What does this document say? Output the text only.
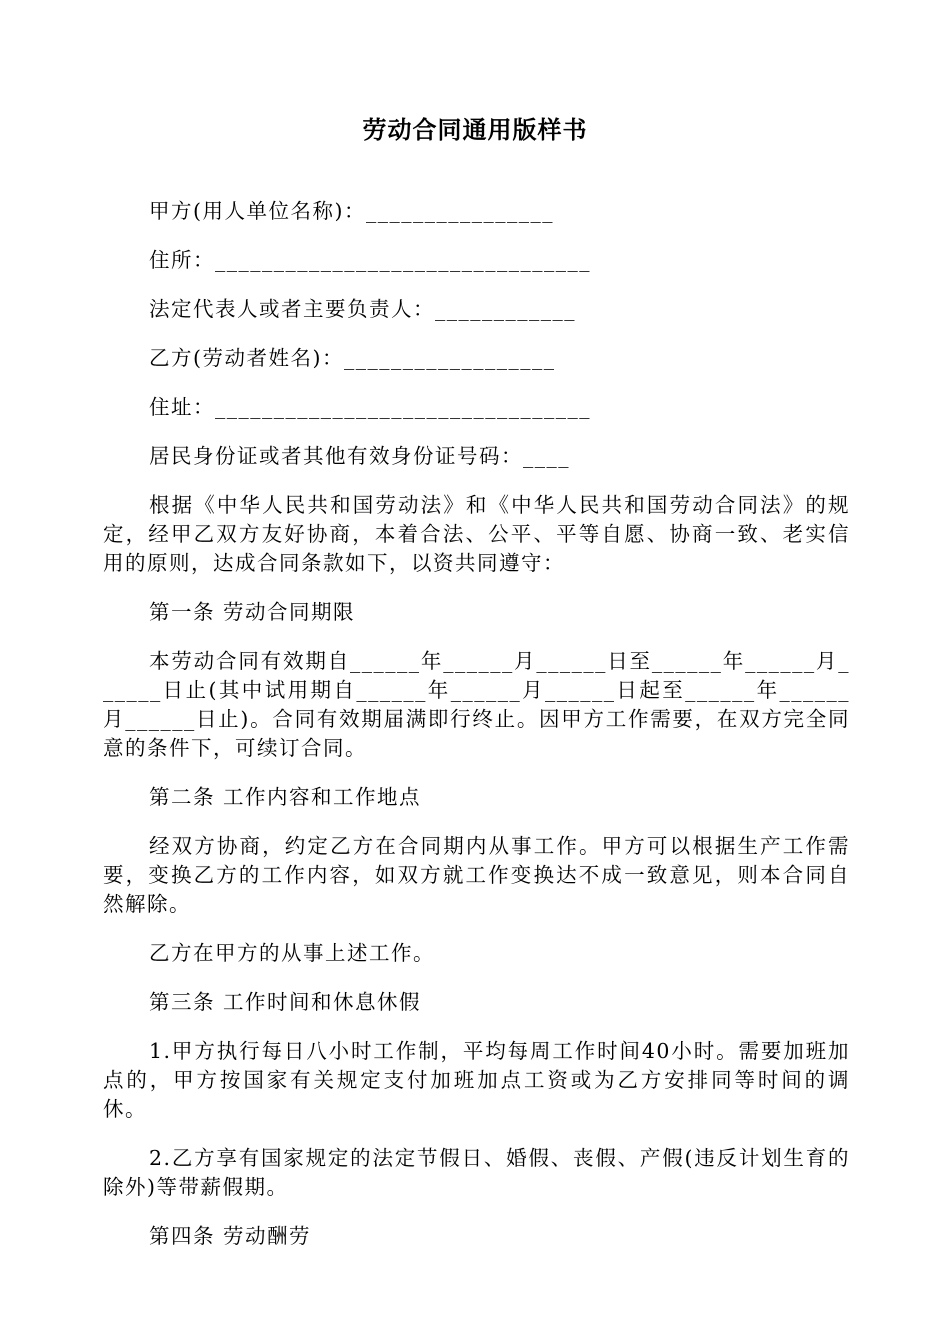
劳动合同通用版样书

甲方(用人单位名称)：________________

住所：________________________________

法定代表人或者主要负责人：____________

乙方(劳动者姓名)：__________________

住址：________________________________

居民身份证或者其他有效身份证号码：____

根据《中华人民共和国劳动法》和《中华人民共和国劳动合同法》的规定，经甲乙双方友好协商，本着合法、公平、平等自愿、协商一致、老实信用的原则，达成合同条款如下，以资共同遵守：

第一条 劳动合同期限

本劳动合同有效期自______年______月______日至______年______月______日止(其中试用期自______年______月______日起至______年______月______日止)。合同有效期届满即行终止。因甲方工作需要，在双方完全同意的条件下，可续订合同。

第二条 工作内容和工作地点

经双方协商，约定乙方在合同期内从事工作。甲方可以根据生产工作需要，变换乙方的工作内容，如双方就工作变换达不成一致意见，则本合同自然解除。

乙方在甲方的从事上述工作。

第三条 工作时间和休息休假

1.甲方执行每日八小时工作制，平均每周工作时间40小时。需要加班加点的，甲方按国家有关规定支付加班加点工资或为乙方安排同等时间的调休。

2.乙方享有国家规定的法定节假日、婚假、丧假、产假(违反计划生育的除外)等带薪假期。

第四条 劳动酬劳
